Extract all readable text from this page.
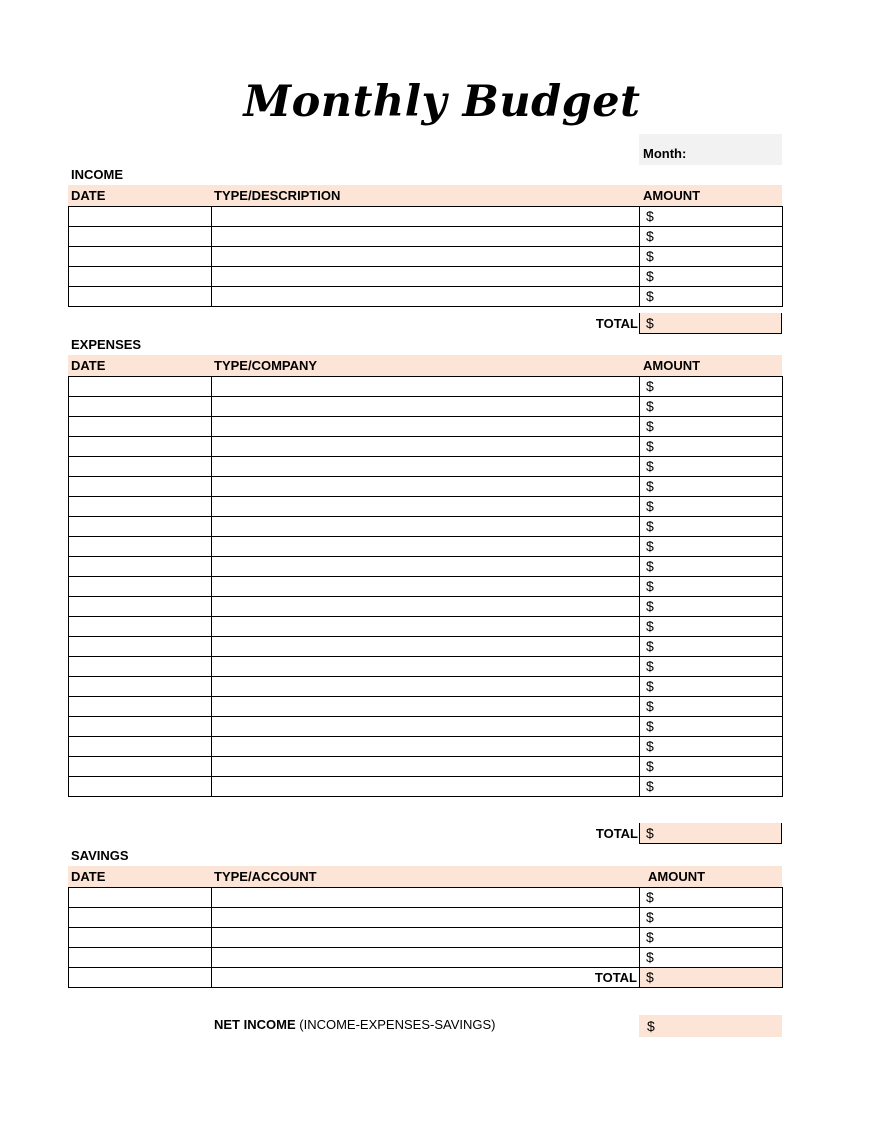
Monthly Budget
Month:
INCOME
DATE	TYPE/DESCRIPTION	AMOUNT
		$
		$
		$
		$
		$
TOTAL $
EXPENSES
DATE	TYPE/COMPANY	AMOUNT
		$
		$
		$
		$
		$
		$
		$
		$
		$
		$
		$
		$
		$
		$
		$
		$
		$
		$
		$
		$
		$
TOTAL $
SAVINGS
DATE	TYPE/ACCOUNT	AMOUNT
		$
		$
		$
		$
	TOTAL	$
NET INCOME (INCOME-EXPENSES-SAVINGS)	$
